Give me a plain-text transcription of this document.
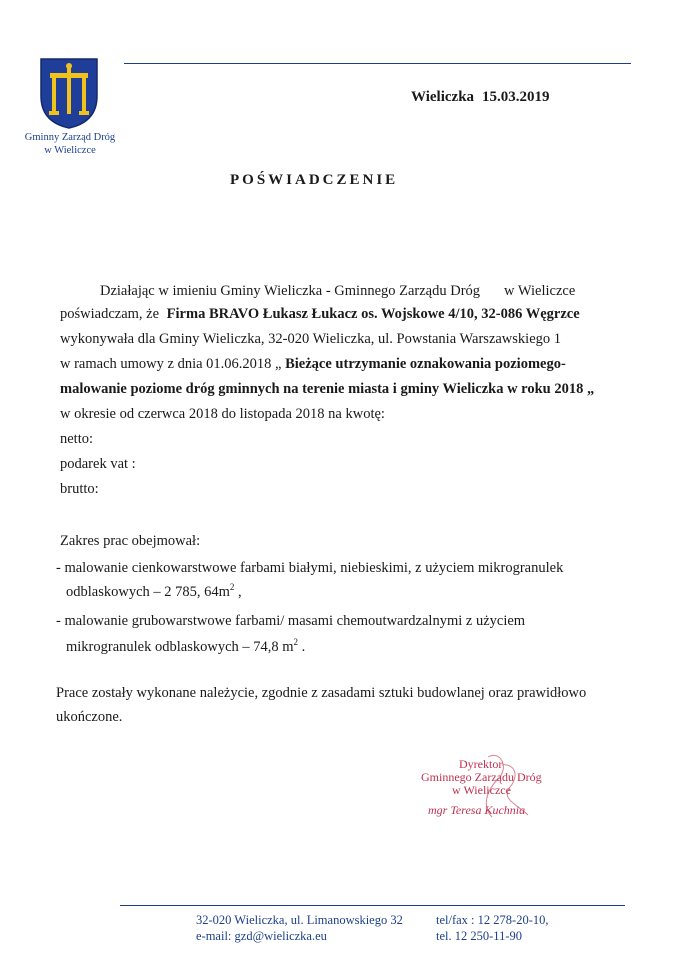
Gminny Zarząd Dróg
w Wieliczce
Wieliczka 15.03.2019
POŚWIADCZENIE
Działając w imieniu Gminy Wieliczka - Gminnego Zarządu Dróg w Wieliczce
poświadczam, że Firma BRAVO Łukasz Łukacz os. Wojskowe 4/10, 32-086 Węgrzce
wykonywała dla Gminy Wieliczka, 32-020 Wieliczka, ul. Powstania Warszawskiego 1
w ramach umowy z dnia 01.06.2018 „ Bieżące utrzymanie oznakowania poziomego-
malowanie poziome dróg gminnych na terenie miasta i gminy Wieliczka w roku 2018 „
w okresie od czerwca 2018 do listopada 2018 na kwotę:
netto:
podarek vat :
brutto:
Zakres prac obejmował:
- malowanie cienkowarstwowe farbami białymi, niebieskimi, z użyciem mikrogranulek
odblaskowych – 2 785, $64m^2$ ,
- malowanie grubowarstwowe farbami/ masami chemoutwardzalnymi z użyciem
mikrogranulek odblaskowych – 74,8 $m^2$ .
Prace zostały wykonane należycie, zgodnie z zasadami sztuki budowlanej oraz prawidłowo
ukończone.
Dyrektor
Gminnego Zarządu Dróg
w Wieliczce
mgr Teresa Kuchnia
32-020 Wieliczka, ul. Limanowskiego 32
e-mail: gzd@wieliczka.eu
tel/fax : 12 278-20-10,
tel. 12 250-11-90
